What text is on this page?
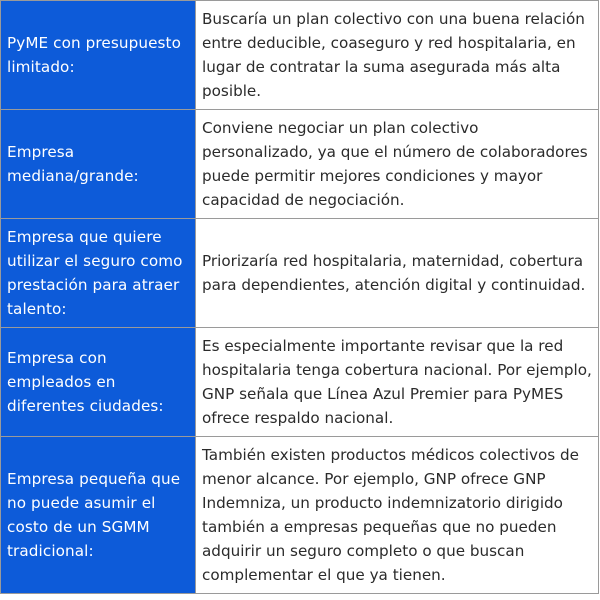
PyME con presupuesto limitado:	Buscaría un plan colectivo con una buena relación entre deducible, coaseguro y red hospitalaria, en lugar de contratar la suma asegurada más alta posible.
Empresa mediana/grande:	Conviene negociar un plan colectivo personalizado, ya que el número de colaboradores puede permitir mejores condiciones y mayor capacidad de negociación.
Empresa que quiere utilizar el seguro como prestación para atraer talento:	Priorizaría red hospitalaria, maternidad, cobertura para dependientes, atención digital y continuidad.
Empresa con empleados en diferentes ciudades:	Es especialmente importante revisar que la red hospitalaria tenga cobertura nacional. Por ejemplo, GNP señala que Línea Azul Premier para PyMES ofrece respaldo nacional.
Empresa pequeña que no puede asumir el costo de un SGMM tradicional:	También existen productos médicos colectivos de menor alcance. Por ejemplo, GNP ofrece GNP Indemniza, un producto indemnizatorio dirigido también a empresas pequeñas que no pueden adquirir un seguro completo o que buscan complementar el que ya tienen.
